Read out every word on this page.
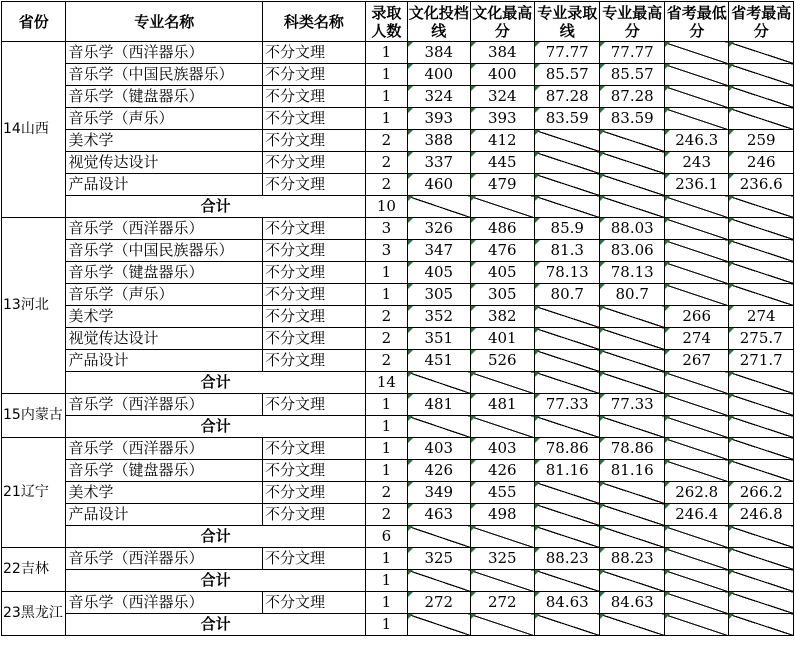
省份	专业名称	科类名称	录取人数	文化投档线	文化最高分	专业录取线	专业最高分	省考最低分	省考最高分
14山西	音乐学（西洋器乐）	不分文理	1	384	384	77.77	77.77		
	音乐学（中国民族器乐）	不分文理	1	400	400	85.57	85.57		
	音乐学（键盘器乐）	不分文理	1	324	324	87.28	87.28		
	音乐学（声乐）	不分文理	1	393	393	83.59	83.59		
	美术学	不分文理	2	388	412			246.3	259
	视觉传达设计	不分文理	2	337	445			243	246
	产品设计	不分文理	2	460	479			236.1	236.6
	合计		10						
13河北	音乐学（西洋器乐）	不分文理	3	326	486	85.9	88.03		
	音乐学（中国民族器乐）	不分文理	3	347	476	81.3	83.06		
	音乐学（键盘器乐）	不分文理	1	405	405	78.13	78.13		
	音乐学（声乐）	不分文理	1	305	305	80.7	80.7		
	美术学	不分文理	2	352	382			266	274
	视觉传达设计	不分文理	2	351	401			274	275.7
	产品设计	不分文理	2	451	526			267	271.7
	合计		14						
15内蒙古	音乐学（西洋器乐）	不分文理	1	481	481	77.33	77.33		
	合计		1						
21辽宁	音乐学（西洋器乐）	不分文理	1	403	403	78.86	78.86		
	音乐学（键盘器乐）	不分文理	1	426	426	81.16	81.16		
	美术学	不分文理	2	349	455			262.8	266.2
	产品设计	不分文理	2	463	498			246.4	246.8
	合计		6						
22吉林	音乐学（西洋器乐）	不分文理	1	325	325	88.23	88.23		
	合计		1						
23黑龙江	音乐学（西洋器乐）	不分文理	1	272	272	84.63	84.63		
	合计		1						
